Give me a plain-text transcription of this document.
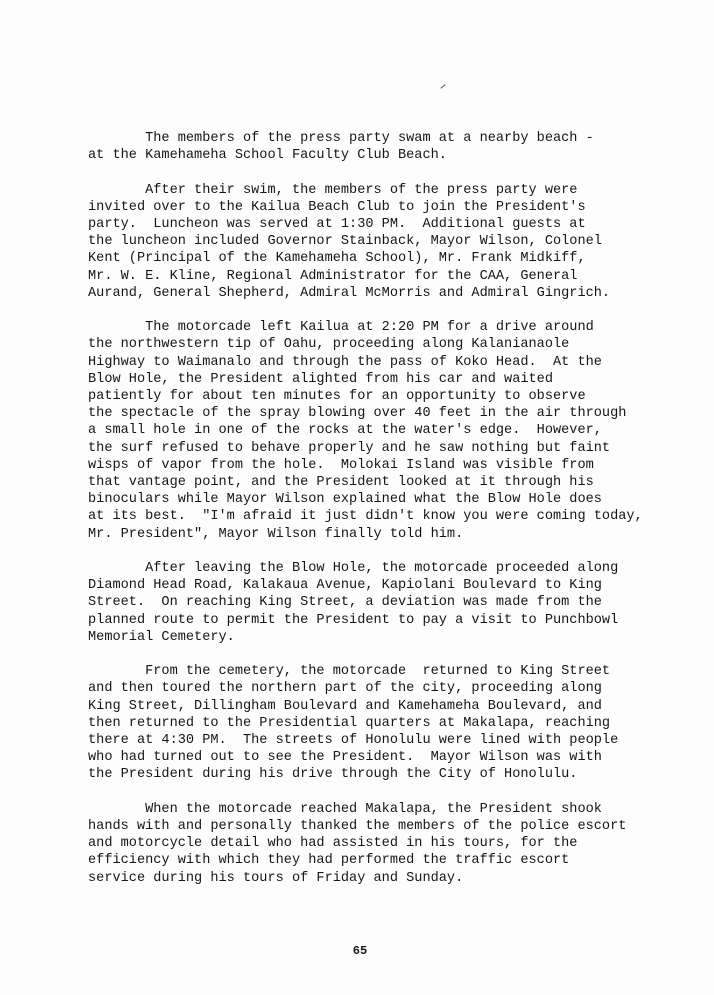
The members of the press party swam at a nearby beach -
at the Kamehameha School Faculty Club Beach.
After their swim, the members of the press party were
invited over to the Kailua Beach Club to join the President's
party.  Luncheon was served at 1:30 PM.  Additional guests at
the luncheon included Governor Stainback, Mayor Wilson, Colonel
Kent (Principal of the Kamehameha School), Mr. Frank Midkiff,
Mr. W. E. Kline, Regional Administrator for the CAA, General
Aurand, General Shepherd, Admiral McMorris and Admiral Gingrich.
The motorcade left Kailua at 2:20 PM for a drive around
the northwestern tip of Oahu, proceeding along Kalanianaole
Highway to Waimanalo and through the pass of Koko Head.  At the
Blow Hole, the President alighted from his car and waited
patiently for about ten minutes for an opportunity to observe
the spectacle of the spray blowing over 40 feet in the air through
a small hole in one of the rocks at the water's edge.  However,
the surf refused to behave properly and he saw nothing but faint
wisps of vapor from the hole.  Molokai Island was visible from
that vantage point, and the President looked at it through his
binoculars while Mayor Wilson explained what the Blow Hole does
at its best.  "I'm afraid it just didn't know you were coming today,
Mr. President", Mayor Wilson finally told him.
After leaving the Blow Hole, the motorcade proceeded along
Diamond Head Road, Kalakaua Avenue, Kapiolani Boulevard to King
Street.  On reaching King Street, a deviation was made from the
planned route to permit the President to pay a visit to Punchbowl
Memorial Cemetery.
From the cemetery, the motorcade  returned to King Street
and then toured the northern part of the city, proceeding along
King Street, Dillingham Boulevard and Kamehameha Boulevard, and
then returned to the Presidential quarters at Makalapa, reaching
there at 4:30 PM.  The streets of Honolulu were lined with people
who had turned out to see the President.  Mayor Wilson was with
the President during his drive through the City of Honolulu.
When the motorcade reached Makalapa, the President shook
hands with and personally thanked the members of the police escort
and motorcycle detail who had assisted in his tours, for the
efficiency with which they had performed the traffic escort
service during his tours of Friday and Sunday.
65
